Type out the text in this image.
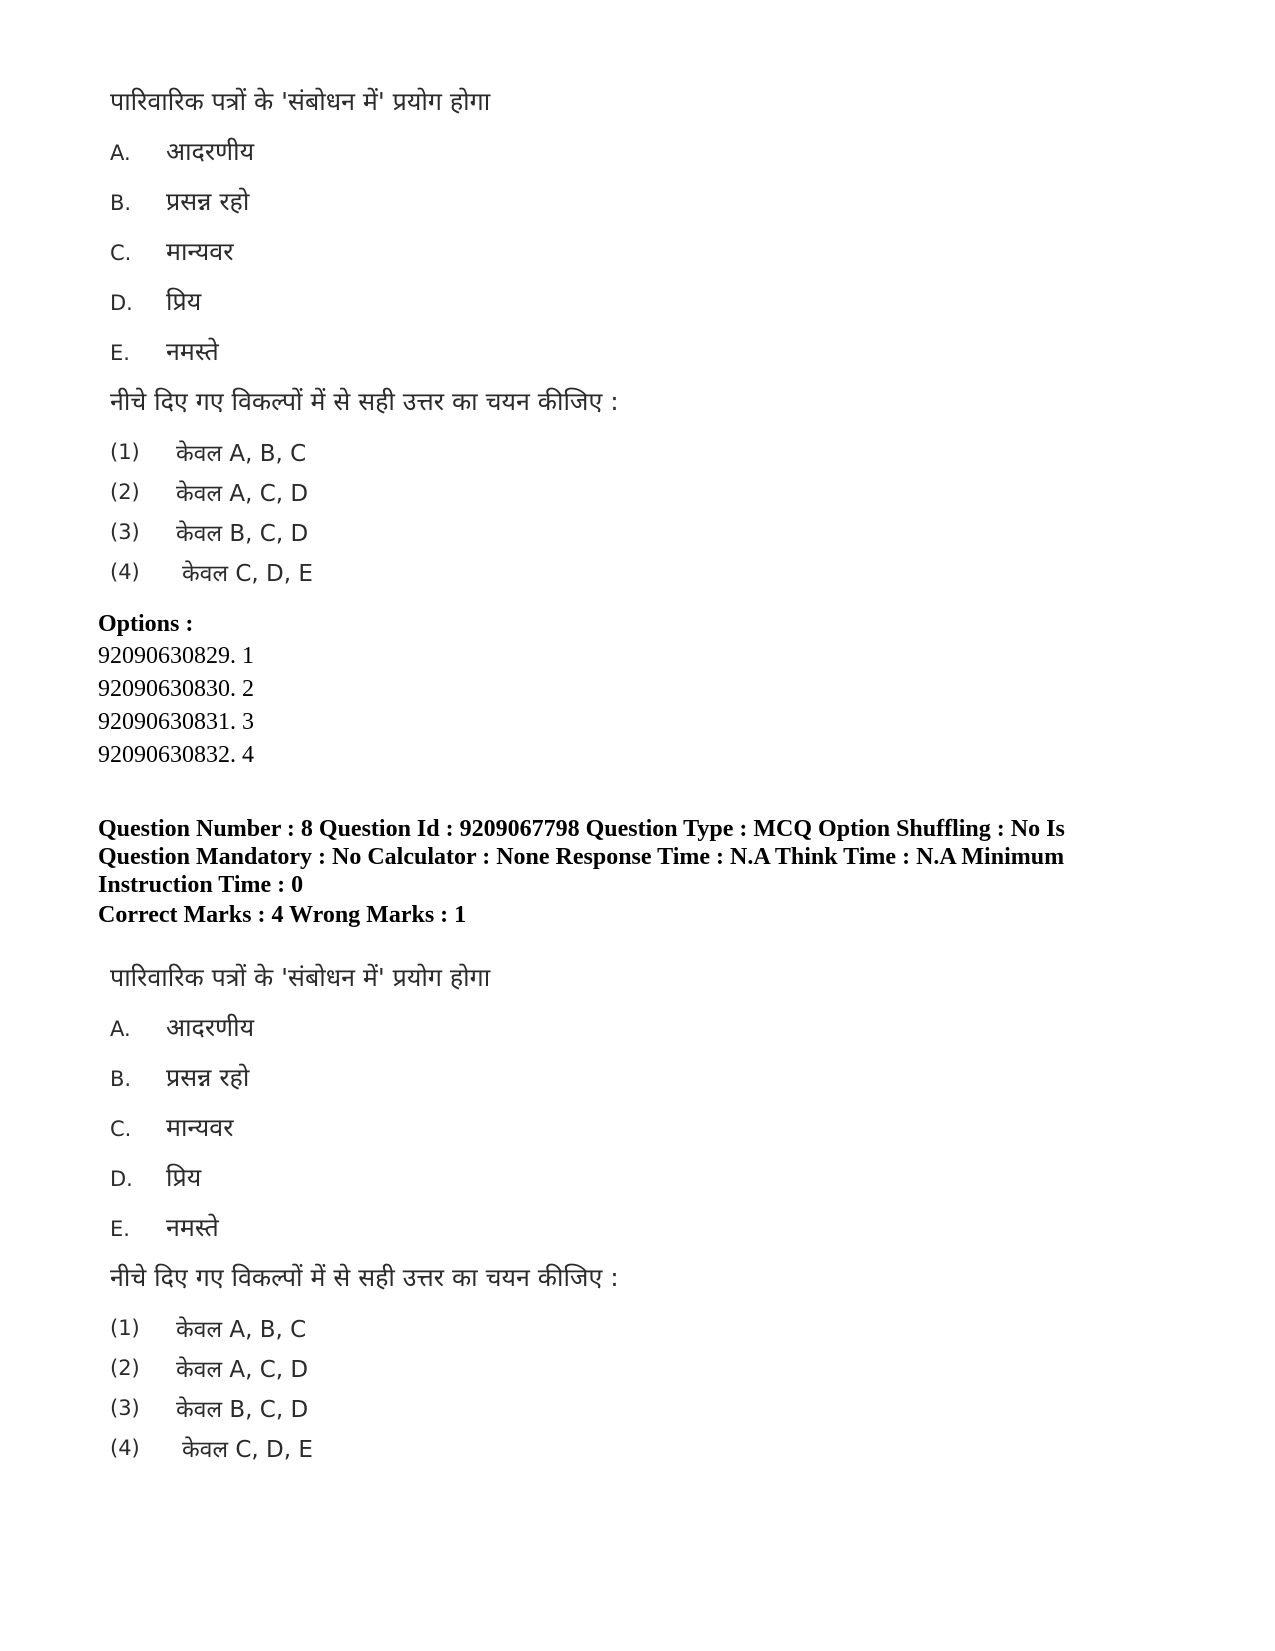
पारिवारिक पत्रों के 'संबोधन में' प्रयोग होगा
A. आदरणीय
B. प्रसन्न रहो
C. मान्यवर
D. प्रिय
E. नमस्ते
नीचे दिए गए विकल्पों में से सही उत्तर का चयन कीजिए :
(1) केवल A, B, C
(2) केवल A, C, D
(3) केवल B, C, D
(4) केवल C, D, E
Options :
92090630829. 1
92090630830. 2
92090630831. 3
92090630832. 4
Question Number : 8 Question Id : 9209067798 Question Type : MCQ Option Shuffling : No Is Question Mandatory : No Calculator : None Response Time : N.A Think Time : N.A Minimum Instruction Time : 0
Correct Marks : 4 Wrong Marks : 1
पारिवारिक पत्रों के 'संबोधन में' प्रयोग होगा
A. आदरणीय
B. प्रसन्न रहो
C. मान्यवर
D. प्रिय
E. नमस्ते
नीचे दिए गए विकल्पों में से सही उत्तर का चयन कीजिए :
(1) केवल A, B, C
(2) केवल A, C, D
(3) केवल B, C, D
(4) केवल C, D, E
